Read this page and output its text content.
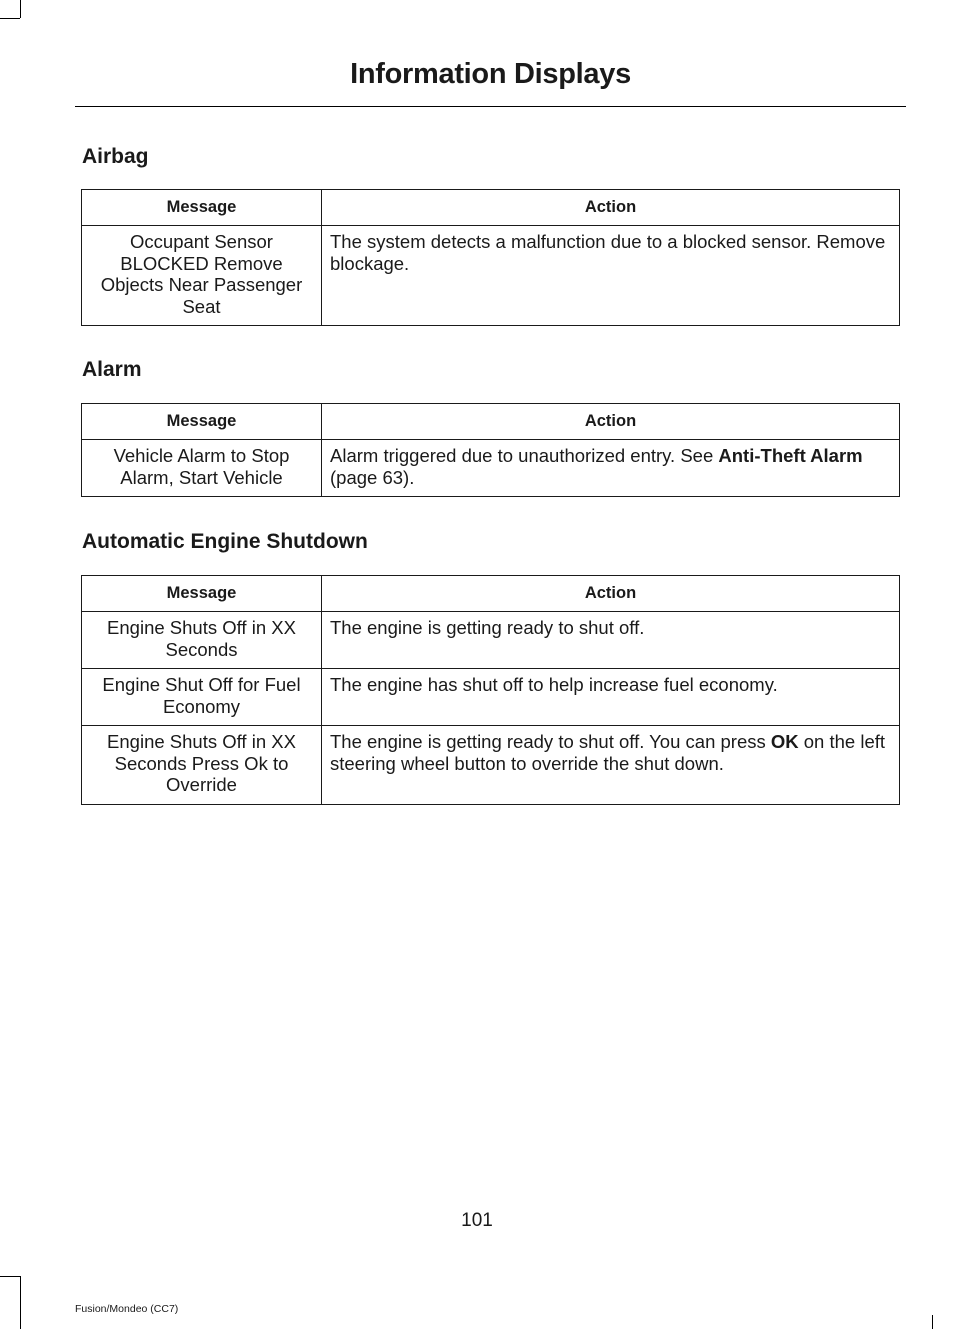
Information Displays
Airbag
Message	Action
Occupant Sensor BLOCKED Remove Objects Near Passenger Seat	The system detects a malfunction due to a blocked sensor. Remove blockage.
Alarm
Message	Action
Vehicle Alarm to Stop Alarm, Start Vehicle	Alarm triggered due to unauthorized entry. See Anti-Theft Alarm (page 63).
Automatic Engine Shutdown
Message	Action
Engine Shuts Off in XX Seconds	The engine is getting ready to shut off.
Engine Shut Off for Fuel Economy	The engine has shut off to help increase fuel economy.
Engine Shuts Off in XX Seconds Press Ok to Override	The engine is getting ready to shut off. You can press OK on the left steering wheel button to override the shut down.
101
Fusion/Mondeo (CC7)
